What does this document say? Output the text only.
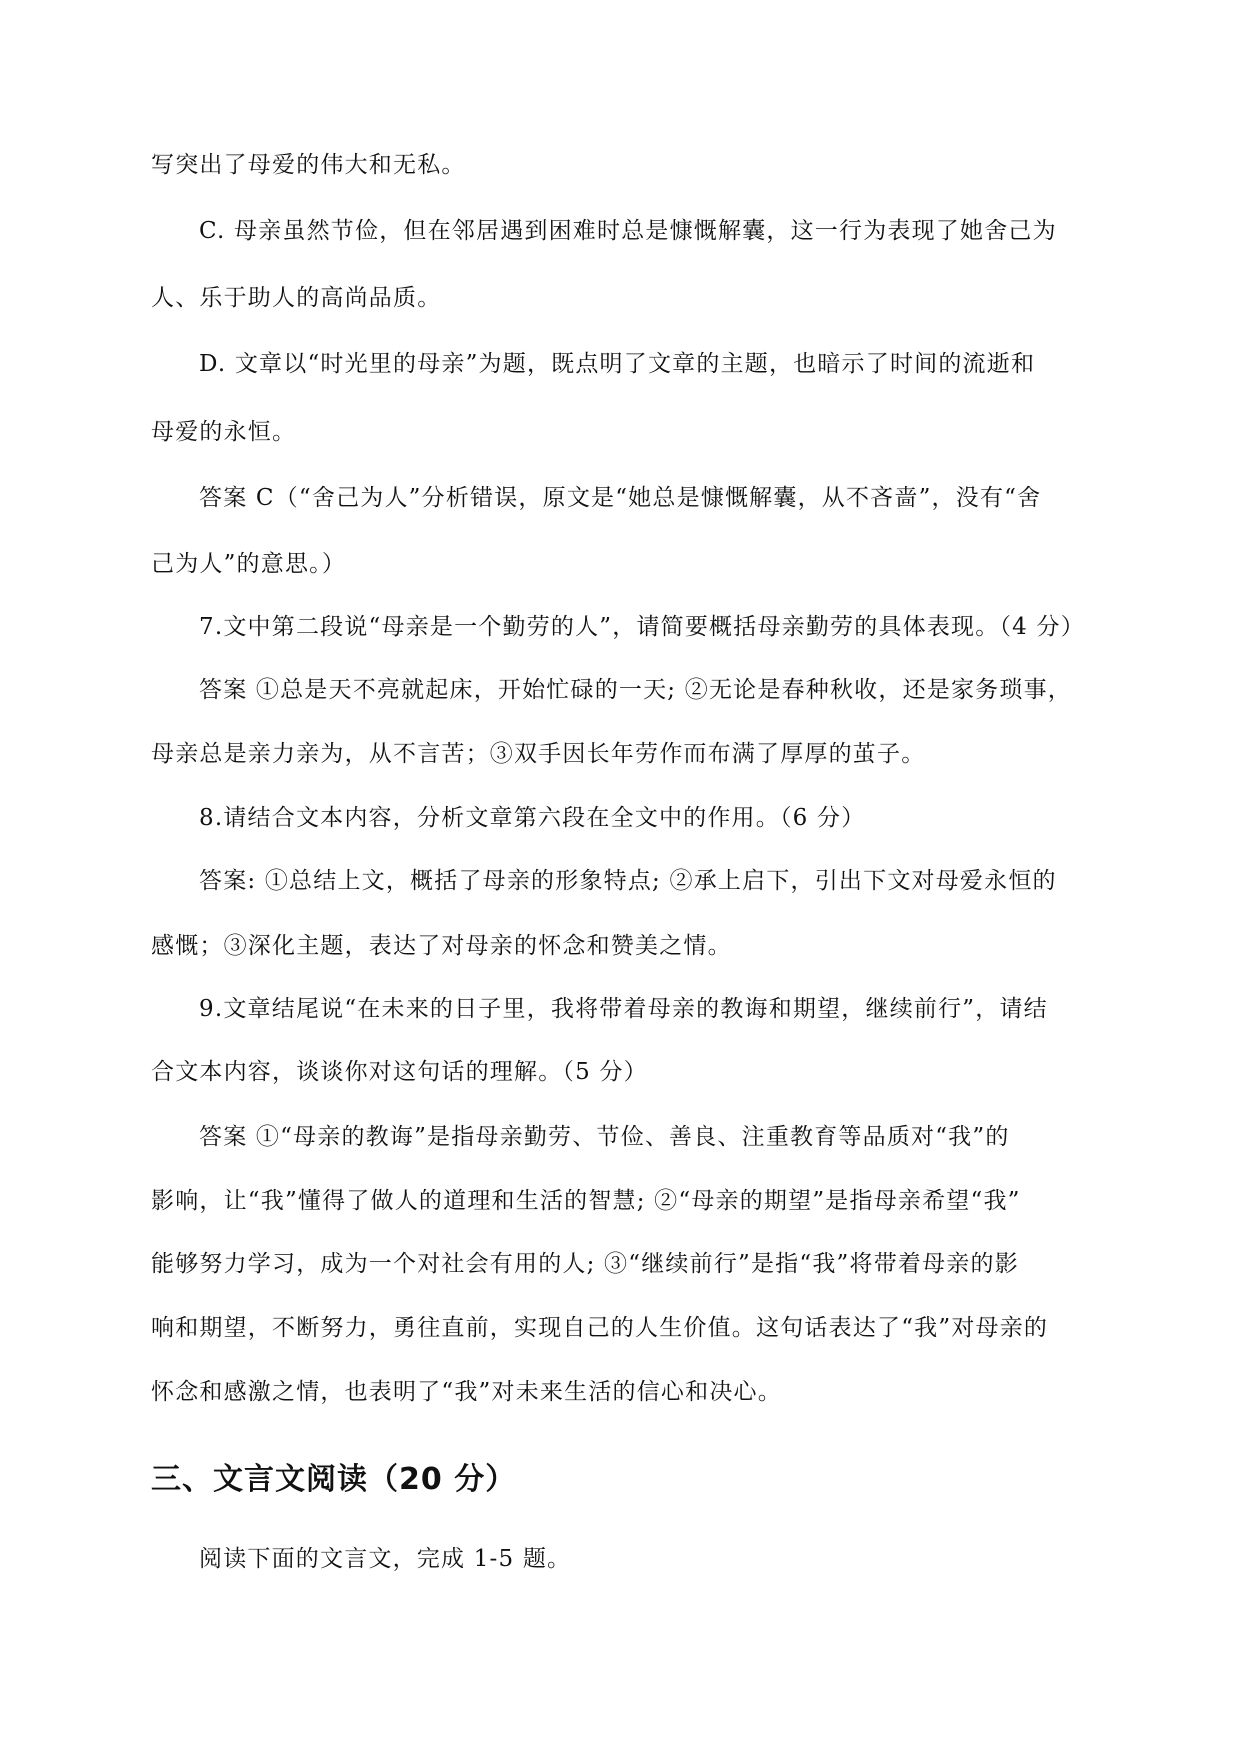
写突出了母爱的伟大和无私。
C. 母亲虽然节俭，但在邻居遇到困难时总是慷慨解囊，这一行为表现了她舍己为
人、乐于助人的高尚品质。
D. 文章以“时光里的母亲”为题，既点明了文章的主题，也暗示了时间的流逝和
母爱的永恒。
答案 C（“舍己为人”分析错误，原文是“她总是慷慨解囊，从不吝啬”，没有“舍
己为人”的意思。）
7.文中第二段说“母亲是一个勤劳的人”，请简要概括母亲勤劳的具体表现。（4 分）
答案 ①总是天不亮就起床，开始忙碌的一天; ②无论是春种秋收，还是家务琐事，
母亲总是亲力亲为，从不言苦；③双手因长年劳作而布满了厚厚的茧子。
8.请结合文本内容，分析文章第六段在全文中的作用。（6 分）
答案: ①总结上文，概括了母亲的形象特点; ②承上启下，引出下文对母爱永恒的
感慨；③深化主题，表达了对母亲的怀念和赞美之情。
9.文章结尾说“在未来的日子里，我将带着母亲的教诲和期望，继续前行”，请结
合文本内容，谈谈你对这句话的理解。（5 分）
答案 ①“母亲的教诲”是指母亲勤劳、节俭、善良、注重教育等品质对“我”的
影响，让“我”懂得了做人的道理和生活的智慧; ②“母亲的期望”是指母亲希望“我”
能够努力学习，成为一个对社会有用的人; ③“继续前行”是指“我”将带着母亲的影
响和期望，不断努力，勇往直前，实现自己的人生价值。这句话表达了“我”对母亲的
怀念和感激之情，也表明了“我”对未来生活的信心和决心。
三、文言文阅读（20 分）
阅读下面的文言文，完成 1-5 题。
